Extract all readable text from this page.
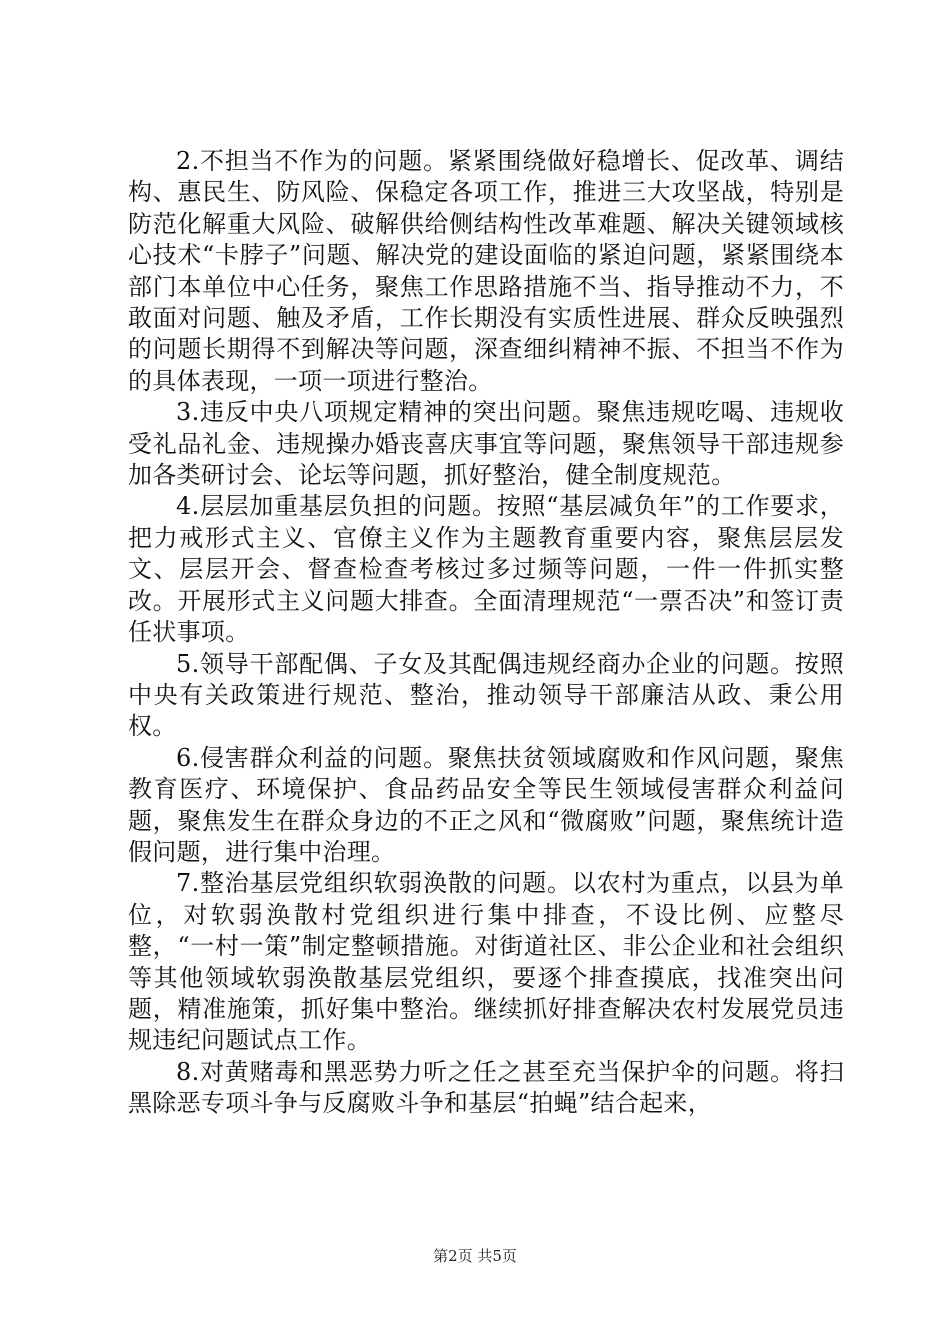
2.不担当不作为的问题。紧紧围绕做好稳增长、促改革、调结构、惠民生、防风险、保稳定各项工作，推进三大攻坚战，特别是防范化解重大风险、破解供给侧结构性改革难题、解决关键领域核心技术“卡脖子”问题、解决党的建设面临的紧迫问题，紧紧围绕本部门本单位中心任务，聚焦工作思路措施不当、指导推动不力，不敢面对问题、触及矛盾，工作长期没有实质性进展、群众反映强烈的问题长期得不到解决等问题，深查细纠精神不振、不担当不作为的具体表现，一项一项进行整治。

3.违反中央八项规定精神的突出问题。聚焦违规吃喝、违规收受礼品礼金、违规操办婚丧喜庆事宜等问题，聚焦领导干部违规参加各类研讨会、论坛等问题，抓好整治，健全制度规范。

4.层层加重基层负担的问题。按照“基层减负年”的工作要求，把力戒形式主义、官僚主义作为主题教育重要内容，聚焦层层发文、层层开会、督查检查考核过多过频等问题，一件一件抓实整改。开展形式主义问题大排查。全面清理规范“一票否决”和签订责任状事项。

5.领导干部配偶、子女及其配偶违规经商办企业的问题。按照中央有关政策进行规范、整治，推动领导干部廉洁从政、秉公用权。

6.侵害群众利益的问题。聚焦扶贫领域腐败和作风问题，聚焦教育医疗、环境保护、食品药品安全等民生领域侵害群众利益问题，聚焦发生在群众身边的不正之风和“微腐败”问题，聚焦统计造假问题，进行集中治理。

7.整治基层党组织软弱涣散的问题。以农村为重点，以县为单位，对软弱涣散村党组织进行集中排查，不设比例、应整尽整，“一村一策”制定整顿措施。对街道社区、非公企业和社会组织等其他领域软弱涣散基层党组织，要逐个排查摸底，找准突出问题，精准施策，抓好集中整治。继续抓好排查解决农村发展党员违规违纪问题试点工作。

8.对黄赌毒和黑恶势力听之任之甚至充当保护伞的问题。将扫黑除恶专项斗争与反腐败斗争和基层“拍蝇”结合起来，

第2页 共5页
